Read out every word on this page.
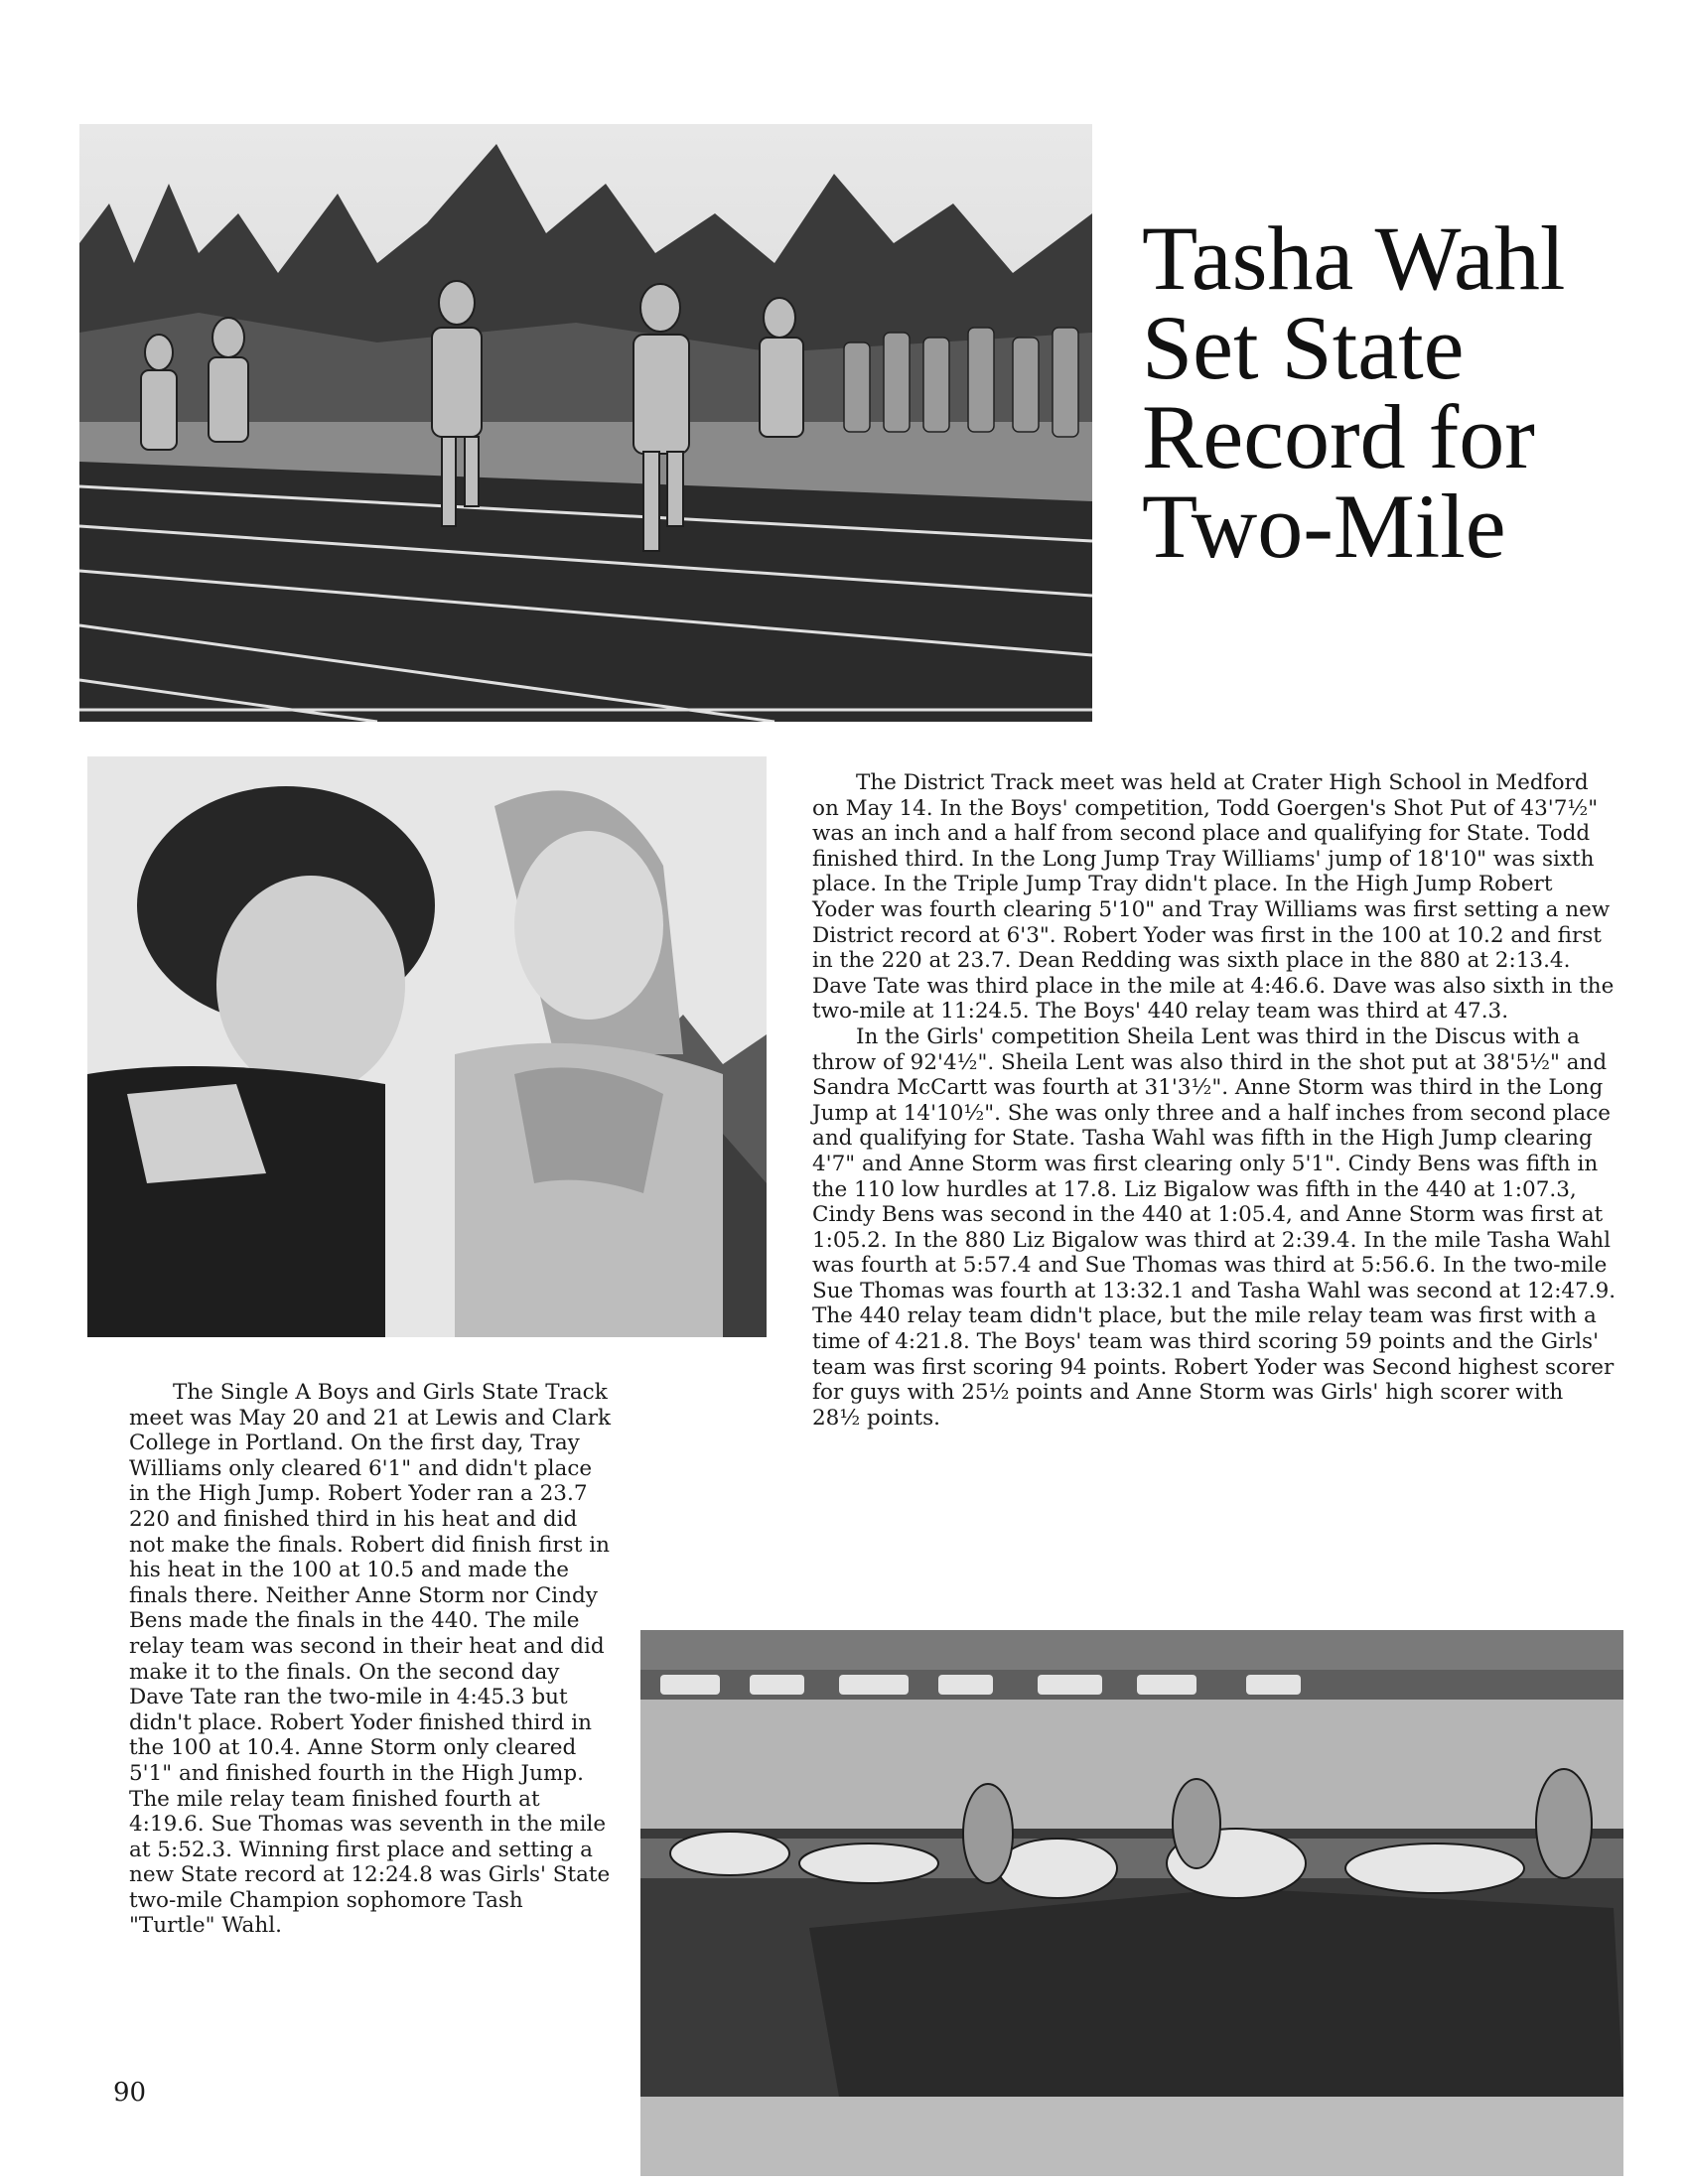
Tasha Wahl
Set State
Record for
Two-Mile

The District Track meet was held at Crater High School in Medford on May 14. In the Boys' competition, Todd Goergen's Shot Put of 43'7½" was an inch and a half from second place and qualifying for State. Todd finished third. In the Long Jump Tray Williams' jump of 18'10" was sixth place. In the Triple Jump Tray didn't place. In the High Jump Robert Yoder was fourth clearing 5'10" and Tray Williams was first setting a new District record at 6'3". Robert Yoder was first in the 100 at 10.2 and first in the 220 at 23.7. Dean Redding was sixth place in the 880 at 2:13.4. Dave Tate was third place in the mile at 4:46.6. Dave was also sixth in the two-mile at 11:24.5. The Boys' 440 relay team was third at 47.3.

In the Girls' competition Sheila Lent was third in the Discus with a throw of 92'4½". Sheila Lent was also third in the shot put at 38'5½" and Sandra McCartt was fourth at 31'3½". Anne Storm was third in the Long Jump at 14'10½". She was only three and a half inches from second place and qualifying for State. Tasha Wahl was fifth in the High Jump clearing 4'7" and Anne Storm was first clearing only 5'1". Cindy Bens was fifth in the 110 low hurdles at 17.8. Liz Bigalow was fifth in the 440 at 1:07.3, Cindy Bens was second in the 440 at 1:05.4, and Anne Storm was first at 1:05.2. In the 880 Liz Bigalow was third at 2:39.4. In the mile Tasha Wahl was fourth at 5:57.4 and Sue Thomas was third at 5:56.6. In the two-mile Sue Thomas was fourth at 13:32.1 and Tasha Wahl was second at 12:47.9. The 440 relay team didn't place, but the mile relay team was first with a time of 4:21.8. The Boys' team was third scoring 59 points and the Girls' team was first scoring 94 points. Robert Yoder was Second highest scorer for guys with 25½ points and Anne Storm was Girls' high scorer with 28½ points.

The Single A Boys and Girls State Track meet was May 20 and 21 at Lewis and Clark College in Portland. On the first day, Tray Williams only cleared 6'1" and didn't place in the High Jump. Robert Yoder ran a 23.7 220 and finished third in his heat and did not make the finals. Robert did finish first in his heat in the 100 at 10.5 and made the finals there. Neither Anne Storm nor Cindy Bens made the finals in the 440. The mile relay team was second in their heat and did make it to the finals. On the second day Dave Tate ran the two-mile in 4:45.3 but didn't place. Robert Yoder finished third in the 100 at 10.4. Anne Storm only cleared 5'1" and finished fourth in the High Jump. The mile relay team finished fourth at 4:19.6. Sue Thomas was seventh in the mile at 5:52.3. Winning first place and setting a new State record at 12:24.8 was Girls' State two-mile Champion sophomore Tash "Turtle" Wahl.

90
